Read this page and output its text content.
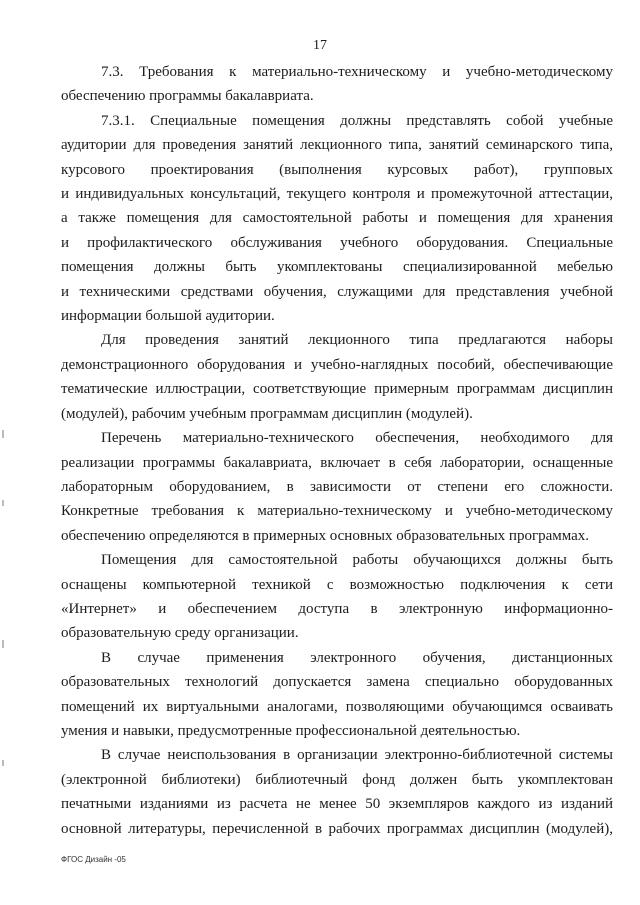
17
7.3. Требования к материально-техническому и учебно-методическому
обеспечению программы бакалавриата.
7.3.1. Специальные помещения должны представлять собой учебные
аудитории для проведения занятий лекционного типа, занятий семинарского типа,
курсового проектирования (выполнения курсовых работ), групповых
и индивидуальных консультаций, текущего контроля и промежуточной аттестации,
а также помещения для самостоятельной работы и помещения для хранения
и профилактического обслуживания учебного оборудования. Специальные
помещения должны быть укомплектованы специализированной мебелью
и техническими средствами обучения, служащими для представления учебной
информации большой аудитории.
Для проведения занятий лекционного типа предлагаются наборы
демонстрационного оборудования и учебно-наглядных пособий, обеспечивающие
тематические иллюстрации, соответствующие примерным программам дисциплин
(модулей), рабочим учебным программам дисциплин (модулей).
Перечень материально-технического обеспечения, необходимого для
реализации программы бакалавриата, включает в себя лаборатории, оснащенные
лабораторным оборудованием, в зависимости от степени его сложности.
Конкретные требования к материально-техническому и учебно-методическому
обеспечению определяются в примерных основных образовательных программах.
Помещения для самостоятельной работы обучающихся должны быть
оснащены компьютерной техникой с возможностью подключения к сети
«Интернет» и обеспечением доступа в электронную информационно-
образовательную среду организации.
В случае применения электронного обучения, дистанционных
образовательных технологий допускается замена специально оборудованных
помещений их виртуальными аналогами, позволяющими обучающимся осваивать
умения и навыки, предусмотренные профессиональной деятельностью.
В случае неиспользования в организации электронно-библиотечной системы
(электронной библиотеки) библиотечный фонд должен быть укомплектован
печатными изданиями из расчета не менее 50 экземпляров каждого из изданий
основной литературы, перечисленной в рабочих программах дисциплин (модулей),
ФГОС Дизайн -05
